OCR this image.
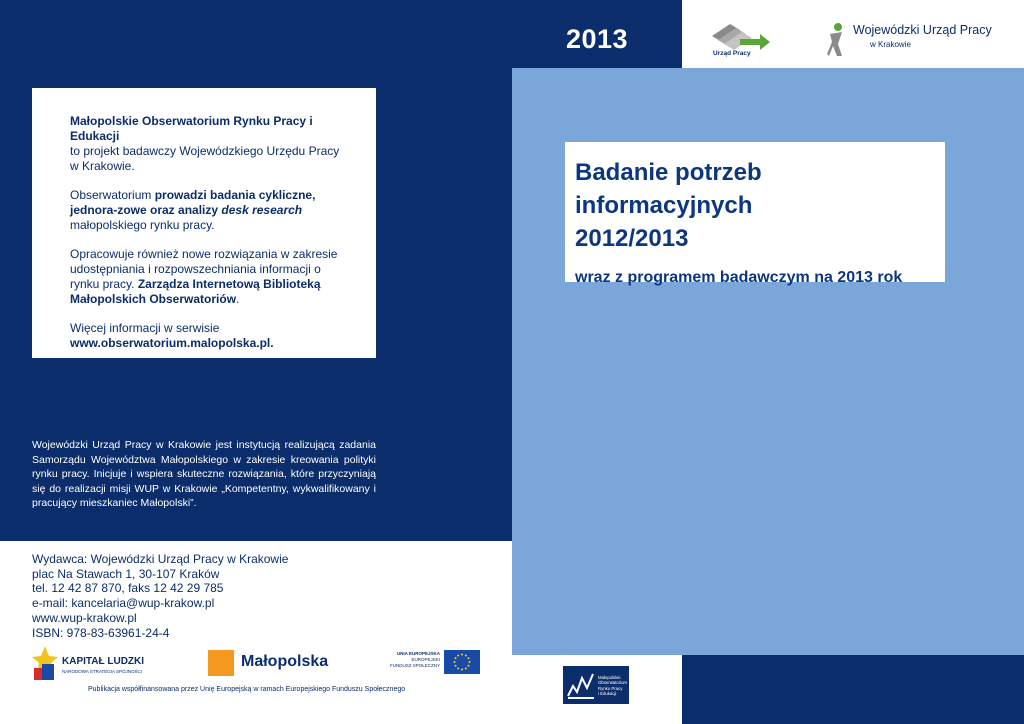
2013	Urząd Pracy
Wojewódzki Urząd Pracy
w Krakowie

Małopolskie Obserwatorium Rynku Pracy i Edukacji
to projekt badawczy Wojewódzkiego Urzędu Pracy
w Krakowie.

Obserwatorium prowadzi badania cykliczne, jednora-zowe oraz analizy desk research małopolskiego rynku pracy.

Opracowuje również nowe rozwiązania w zakresie udostępniania i rozpowszechniania informacji o rynku pracy. Zarządza Internetową Biblioteką Małopolskich Obserwatoriów.

Więcej informacji w serwisie
www.obserwatorium.malopolska.pl.

Wojewódzki Urząd Pracy w Krakowie jest instytucją realizującą zadania Samorządu Województwa Małopolskiego w zakresie kreowania polityki rynku pracy. Inicjuje i wspiera skuteczne rozwiązania, które przyczyniają się do realizacji misji WUP w Krakowie „Kompetentny, wykwalifikowany i pracujący mieszkaniec Małopolski”.
Badanie potrzeb informacyjnych
2012/2013
wraz z programem badawczym na 2013 rok
Wydawca: Wojewódzki Urząd Pracy w Krakowie
plac Na Stawach 1, 30-107 Kraków
tel. 12 42 87 870, faks 12 42 29 785
e-mail: kancelaria@wup-krakow.pl
www.wup-krakow.pl
ISBN: 978-83-63961-24-4
KAPITAŁ LUDZKI
NARODOWA STRATEGIA SPÓJNOŚCI
Małopolska	UNIA EUROPEJSKA
EUROPEJSKI
FUNDUSZ SPOŁECZNY
Publikacja współfinansowana przez Unię Europejską w ramach Europejskiego Funduszu Społecznego
Małopolskie
Obserwatorium
Rynku Pracy
i Edukacji
